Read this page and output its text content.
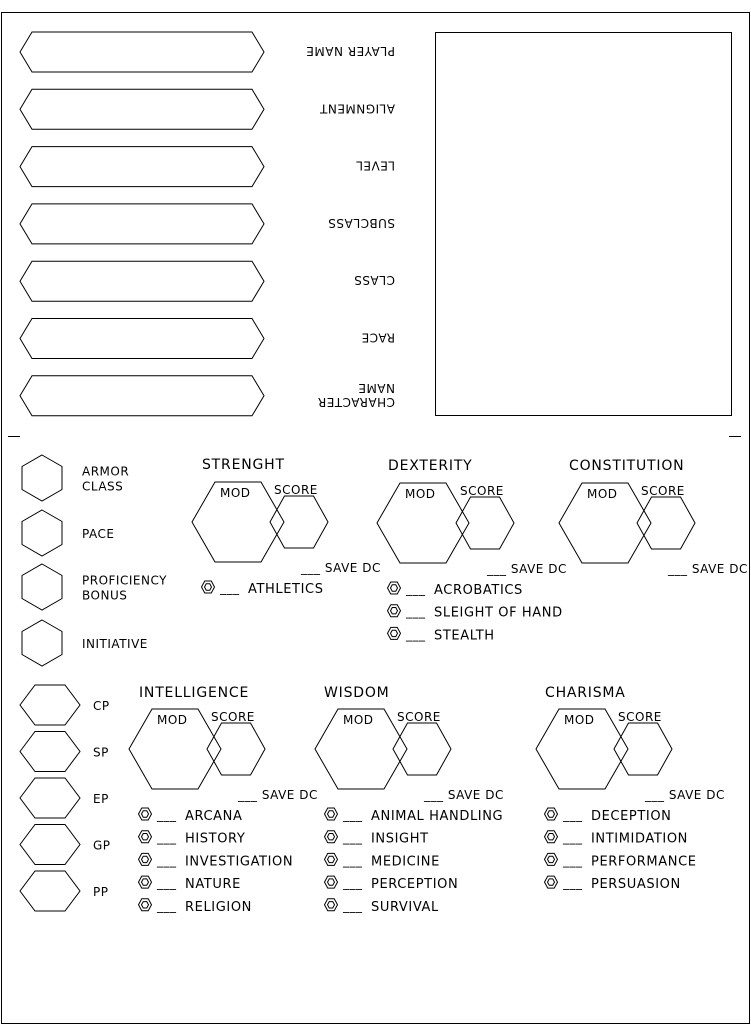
PLAYER NAME
ALIGNMENT
LEVEL
SUBCLASS
CLASS
RACE
CHARACTER
NAME
ARMOR
CLASS
PACE
PROFICIENCY
BONUS
INITIATIVE
CP
SP
EP
GP
PP
STRENGHT
MOD SCORE
___ SAVE DC
___ ATHLETICS
DEXTERITY
MOD SCORE
___ SAVE DC
___ ACROBATICS
___ SLEIGHT OF HAND
___ STEALTH
CONSTITUTION
MOD SCORE
___ SAVE DC
INTELLIGENCE
MOD SCORE
___ SAVE DC
___ ARCANA
___ HISTORY
___ INVESTIGATION
___ NATURE
___ RELIGION
WISDOM
MOD SCORE
___ SAVE DC
___ ANIMAL HANDLING
___ INSIGHT
___ MEDICINE
___ PERCEPTION
___ SURVIVAL
CHARISMA
MOD SCORE
___ SAVE DC
___ DECEPTION
___ INTIMIDATION
___ PERFORMANCE
___ PERSUASION
